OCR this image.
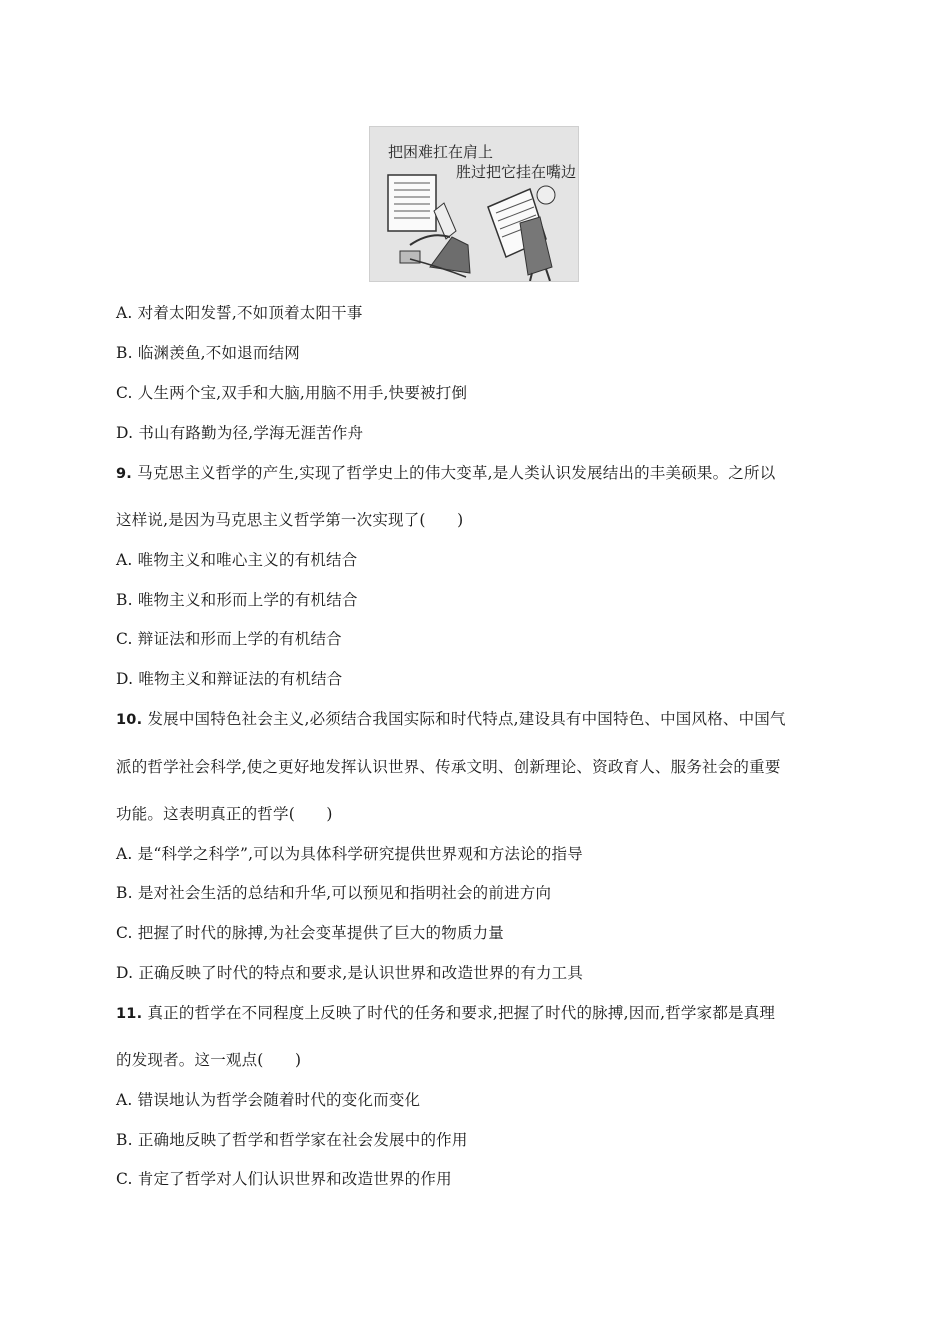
把困难扛在肩上
胜过把它挂在嘴边
A. 对着太阳发誓,不如顶着太阳干事
B. 临渊羡鱼,不如退而结网
C. 人生两个宝,双手和大脑,用脑不用手,快要被打倒
D. 书山有路勤为径,学海无涯苦作舟
9. 马克思主义哲学的产生,实现了哲学史上的伟大变革,是人类认识发展结出的丰美硕果。之所以
这样说,是因为马克思主义哲学第一次实现了(　　)
A. 唯物主义和唯心主义的有机结合
B. 唯物主义和形而上学的有机结合
C. 辩证法和形而上学的有机结合
D. 唯物主义和辩证法的有机结合
10. 发展中国特色社会主义,必须结合我国实际和时代特点,建设具有中国特色、中国风格、中国气
派的哲学社会科学,使之更好地发挥认识世界、传承文明、创新理论、资政育人、服务社会的重要
功能。这表明真正的哲学(　　)
A. 是“科学之科学”,可以为具体科学研究提供世界观和方法论的指导
B. 是对社会生活的总结和升华,可以预见和指明社会的前进方向
C. 把握了时代的脉搏,为社会变革提供了巨大的物质力量
D. 正确反映了时代的特点和要求,是认识世界和改造世界的有力工具
11. 真正的哲学在不同程度上反映了时代的任务和要求,把握了时代的脉搏,因而,哲学家都是真理
的发现者。这一观点(　　)
A. 错误地认为哲学会随着时代的变化而变化
B. 正确地反映了哲学和哲学家在社会发展中的作用
C. 肯定了哲学对人们认识世界和改造世界的作用
